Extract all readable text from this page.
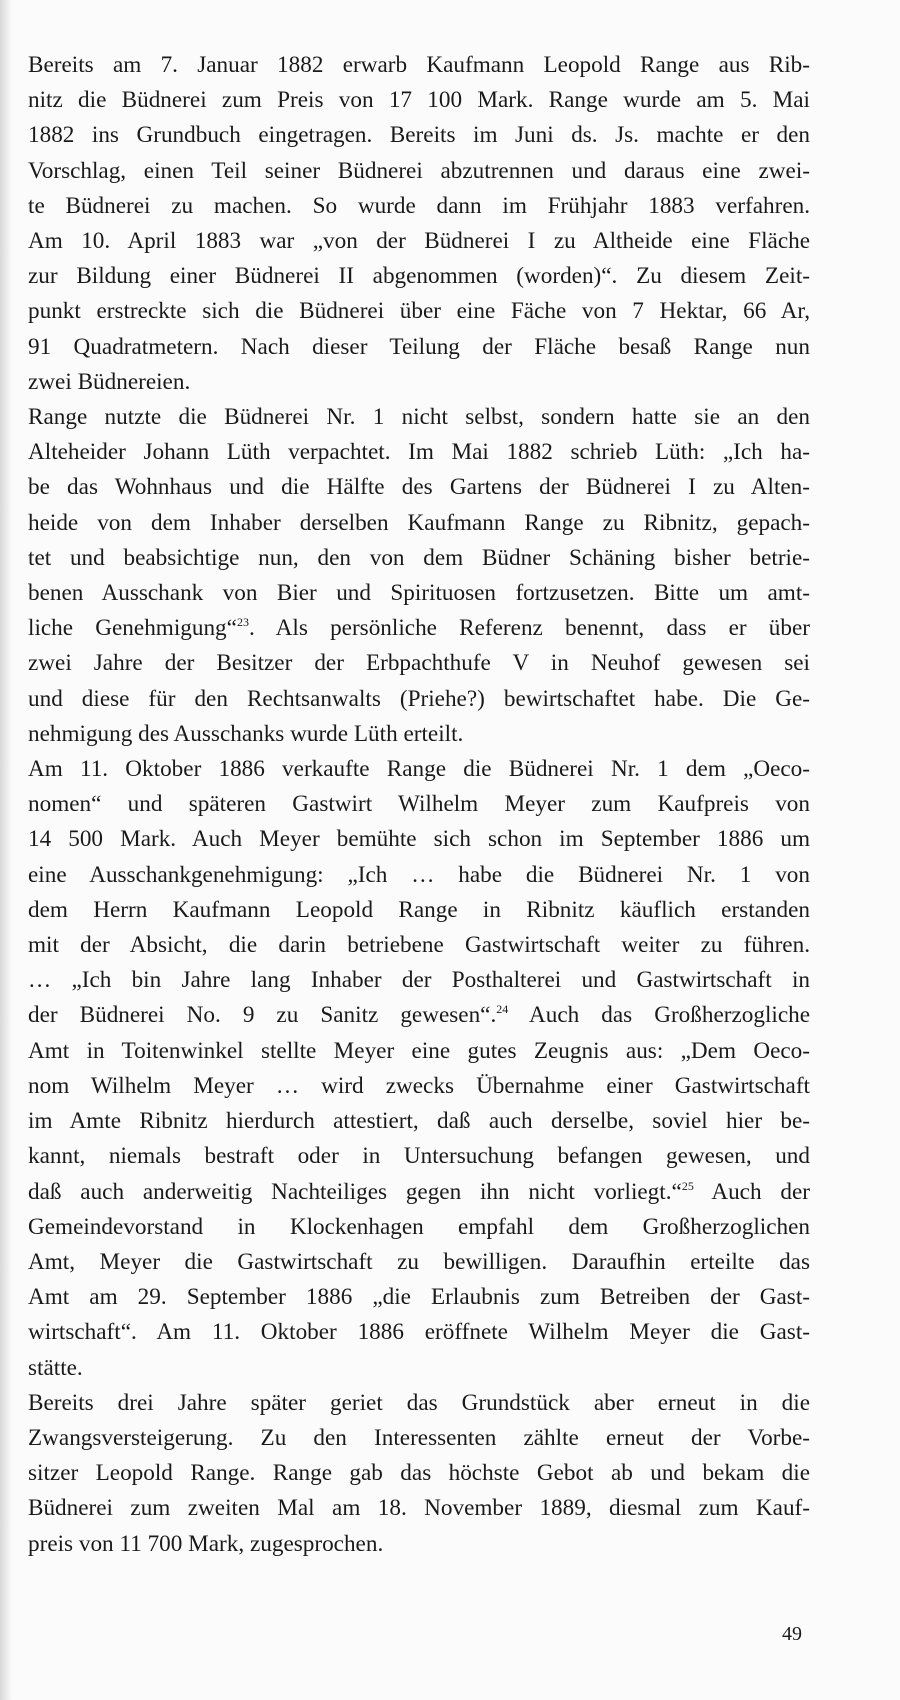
Bereits am 7. Januar 1882 erwarb Kaufmann Leopold Range aus Rib-
nitz die Büdnerei zum Preis von 17 100 Mark. Range wurde am 5. Mai
1882 ins Grundbuch eingetragen. Bereits im Juni ds. Js. machte er den
Vorschlag, einen Teil seiner Büdnerei abzutrennen und daraus eine zwei-
te Büdnerei zu machen. So wurde dann im Frühjahr 1883 verfahren.
Am 10. April 1883 war „von der Büdnerei I zu Altheide eine Fläche
zur Bildung einer Büdnerei II abgenommen (worden)“. Zu diesem Zeit-
punkt erstreckte sich die Büdnerei über eine Fäche von 7 Hektar, 66 Ar,
91 Quadratmetern. Nach dieser Teilung der Fläche besaß Range nun
zwei Büdnereien.

Range nutzte die Büdnerei Nr. 1 nicht selbst, sondern hatte sie an den
Alteheider Johann Lüth verpachtet. Im Mai 1882 schrieb Lüth: „Ich ha-
be das Wohnhaus und die Hälfte des Gartens der Büdnerei I zu Alten-
heide von dem Inhaber derselben Kaufmann Range zu Ribnitz, gepach-
tet und beabsichtige nun, den von dem Büdner Schäning bisher betrie-
benen Ausschank von Bier und Spirituosen fortzusetzen. Bitte um amt-
liche Genehmigung“$^{23}$. Als persönliche Referenz benennt, dass er über
zwei Jahre der Besitzer der Erbpachthufe V in Neuhof gewesen sei
und diese für den Rechtsanwalts (Priehe?) bewirtschaftet habe. Die Ge-
nehmigung des Ausschanks wurde Lüth erteilt.

Am 11. Oktober 1886 verkaufte Range die Büdnerei Nr. 1 dem „Oeco-
nomen“ und späteren Gastwirt Wilhelm Meyer zum Kaufpreis von
14 500 Mark. Auch Meyer bemühte sich schon im September 1886 um
eine Ausschankgenehmigung: „Ich … habe die Büdnerei Nr. 1 von
dem Herrn Kaufmann Leopold Range in Ribnitz käuflich erstanden
mit der Absicht, die darin betriebene Gastwirtschaft weiter zu führen.
… „Ich bin Jahre lang Inhaber der Posthalterei und Gastwirtschaft in
der Büdnerei No. 9 zu Sanitz gewesen“.$^{24}$ Auch das Großherzogliche
Amt in Toitenwinkel stellte Meyer eine gutes Zeugnis aus: „Dem Oeco-
nom Wilhelm Meyer … wird zwecks Übernahme einer Gastwirtschaft
im Amte Ribnitz hierdurch attestiert, daß auch derselbe, soviel hier be-
kannt, niemals bestraft oder in Untersuchung befangen gewesen, und
daß auch anderweitig Nachteiliges gegen ihn nicht vorliegt.“$^{25}$ Auch der
Gemeindevorstand in Klockenhagen empfahl dem Großherzoglichen
Amt, Meyer die Gastwirtschaft zu bewilligen. Daraufhin erteilte das
Amt am 29. September 1886 „die Erlaubnis zum Betreiben der Gast-
wirtschaft“. Am 11. Oktober 1886 eröffnete Wilhelm Meyer die Gast-
stätte.

Bereits drei Jahre später geriet das Grundstück aber erneut in die
Zwangsversteigerung. Zu den Interessenten zählte erneut der Vorbe-
sitzer Leopold Range. Range gab das höchste Gebot ab und bekam die
Büdnerei zum zweiten Mal am 18. November 1889, diesmal zum Kauf-
preis von 11 700 Mark, zugesprochen.

49
